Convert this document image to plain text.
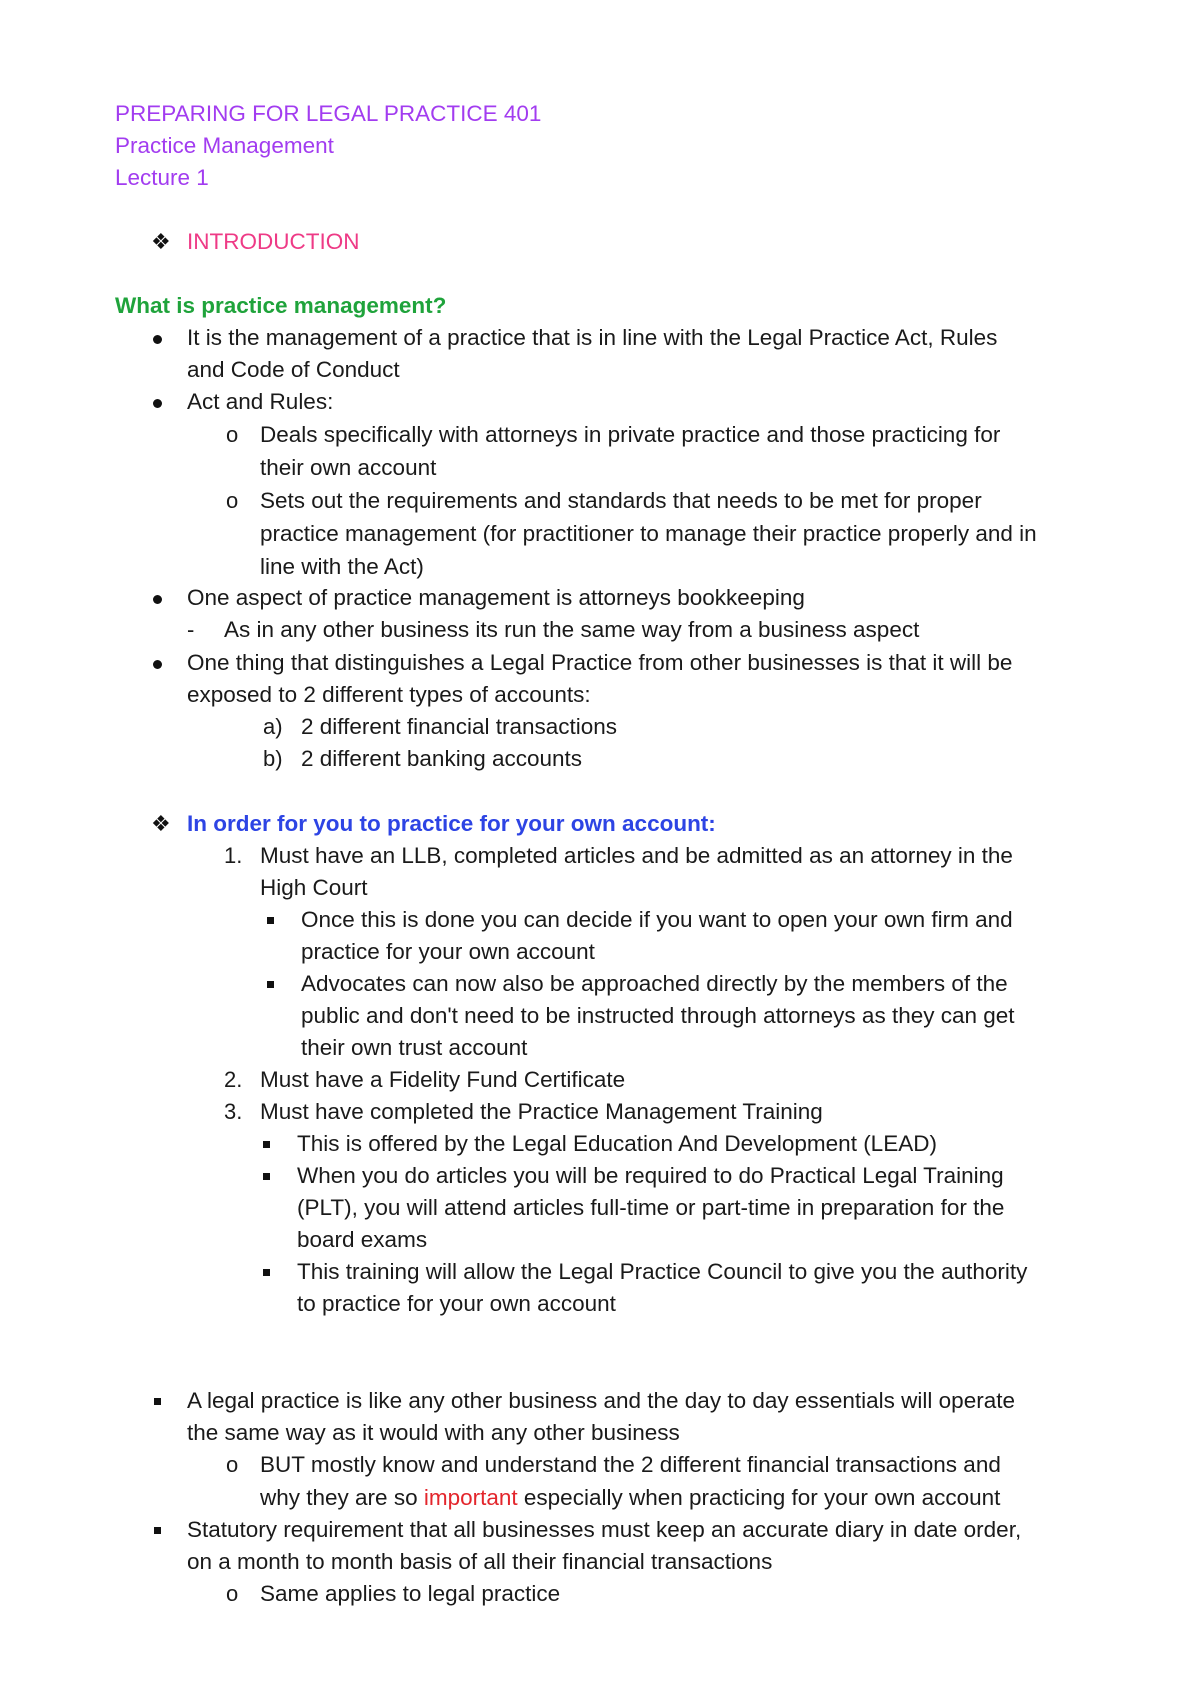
PREPARING FOR LEGAL PRACTICE 401
Practice Management
Lecture 1
❖ INTRODUCTION
What is practice management?
It is the management of a practice that is in line with the Legal Practice Act, Rules
and Code of Conduct
Act and Rules:
o Deals specifically with attorneys in private practice and those practicing for
their own account
o Sets out the requirements and standards that needs to be met for proper
practice management (for practitioner to manage their practice properly and in
line with the Act)
One aspect of practice management is attorneys bookkeeping
- As in any other business its run the same way from a business aspect
One thing that distinguishes a Legal Practice from other businesses is that it will be
exposed to 2 different types of accounts:
a) 2 different financial transactions
b) 2 different banking accounts
❖ In order for you to practice for your own account:
1. Must have an LLB, completed articles and be admitted as an attorney in the
High Court
Once this is done you can decide if you want to open your own firm and
practice for your own account
Advocates can now also be approached directly by the members of the
public and don't need to be instructed through attorneys as they can get
their own trust account
2. Must have a Fidelity Fund Certificate
3. Must have completed the Practice Management Training
This is offered by the Legal Education And Development (LEAD)
When you do articles you will be required to do Practical Legal Training
(PLT), you will attend articles full-time or part-time in preparation for the
board exams
This training will allow the Legal Practice Council to give you the authority
to practice for your own account
A legal practice is like any other business and the day to day essentials will operate
the same way as it would with any other business
o BUT mostly know and understand the 2 different financial transactions and
why they are so important especially when practicing for your own account
Statutory requirement that all businesses must keep an accurate diary in date order,
on a month to month basis of all their financial transactions
o Same applies to legal practice
